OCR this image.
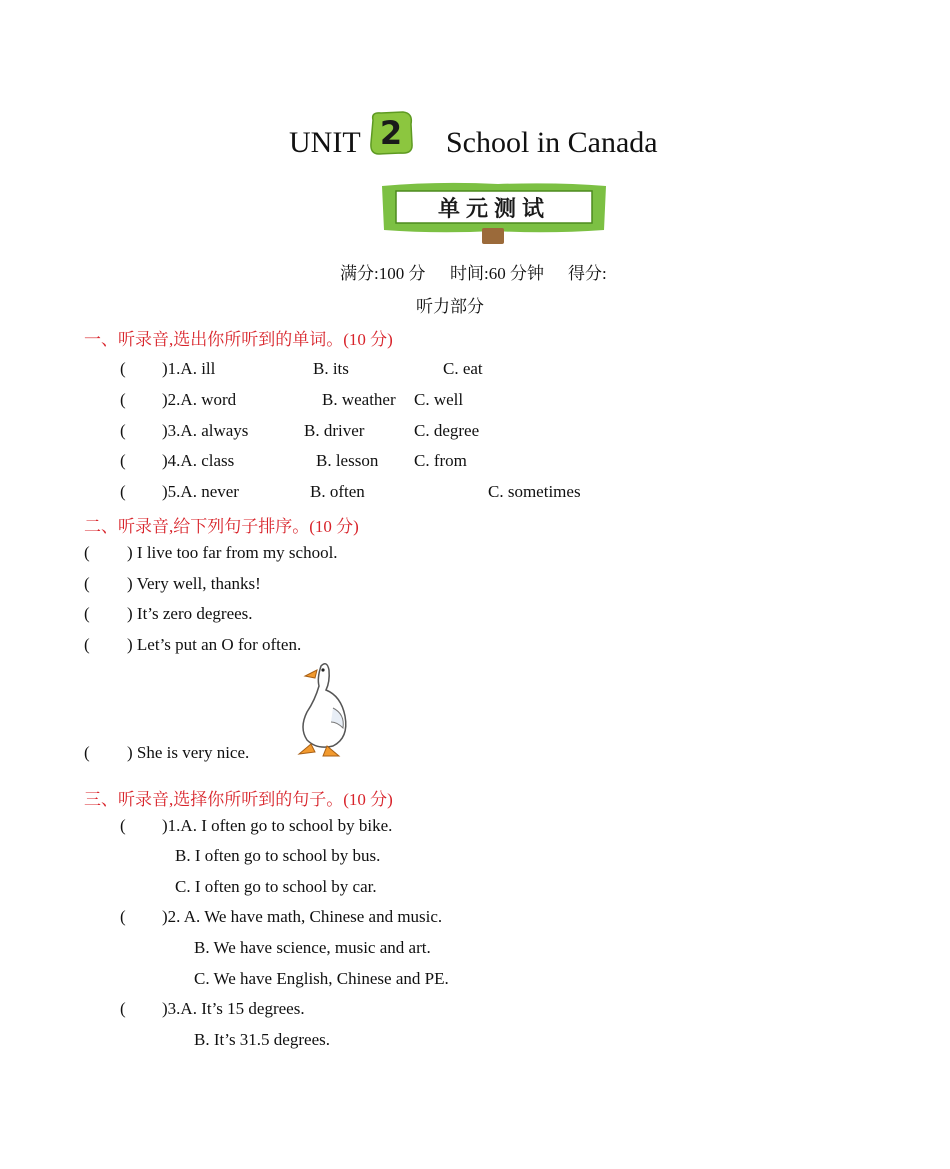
UNIT 2 School in Canada
单元测试
满分:100 分 时间:60 分钟 得分:
听力部分
一、听录音,选出你所听到的单词。(10 分)
( )1.A. ill	B. its	C. eat
( )2.A. word	B. weather C. well
( )3.A. always	B. driver	C. degree
( )4.A. class	B. lesson C. from
( )5.A. never	B. often	C. sometimes
二、听录音,给下列句子排序。(10 分)
( ) I live too far from my school.
( ) Very well, thanks!
( ) It’s zero degrees.
( ) Let’s put an O for often.
( ) She is very nice.
三、听录音,选择你所听到的句子。(10 分)
( )1.A. I often go to school by bike.
B. I often go to school by bus.
C. I often go to school by car.
( )2. A. We have math, Chinese and music.
B. We have science, music and art.
C. We have English, Chinese and PE.
( )3.A. It’s 15 degrees.
B. It’s 31.5 degrees.
